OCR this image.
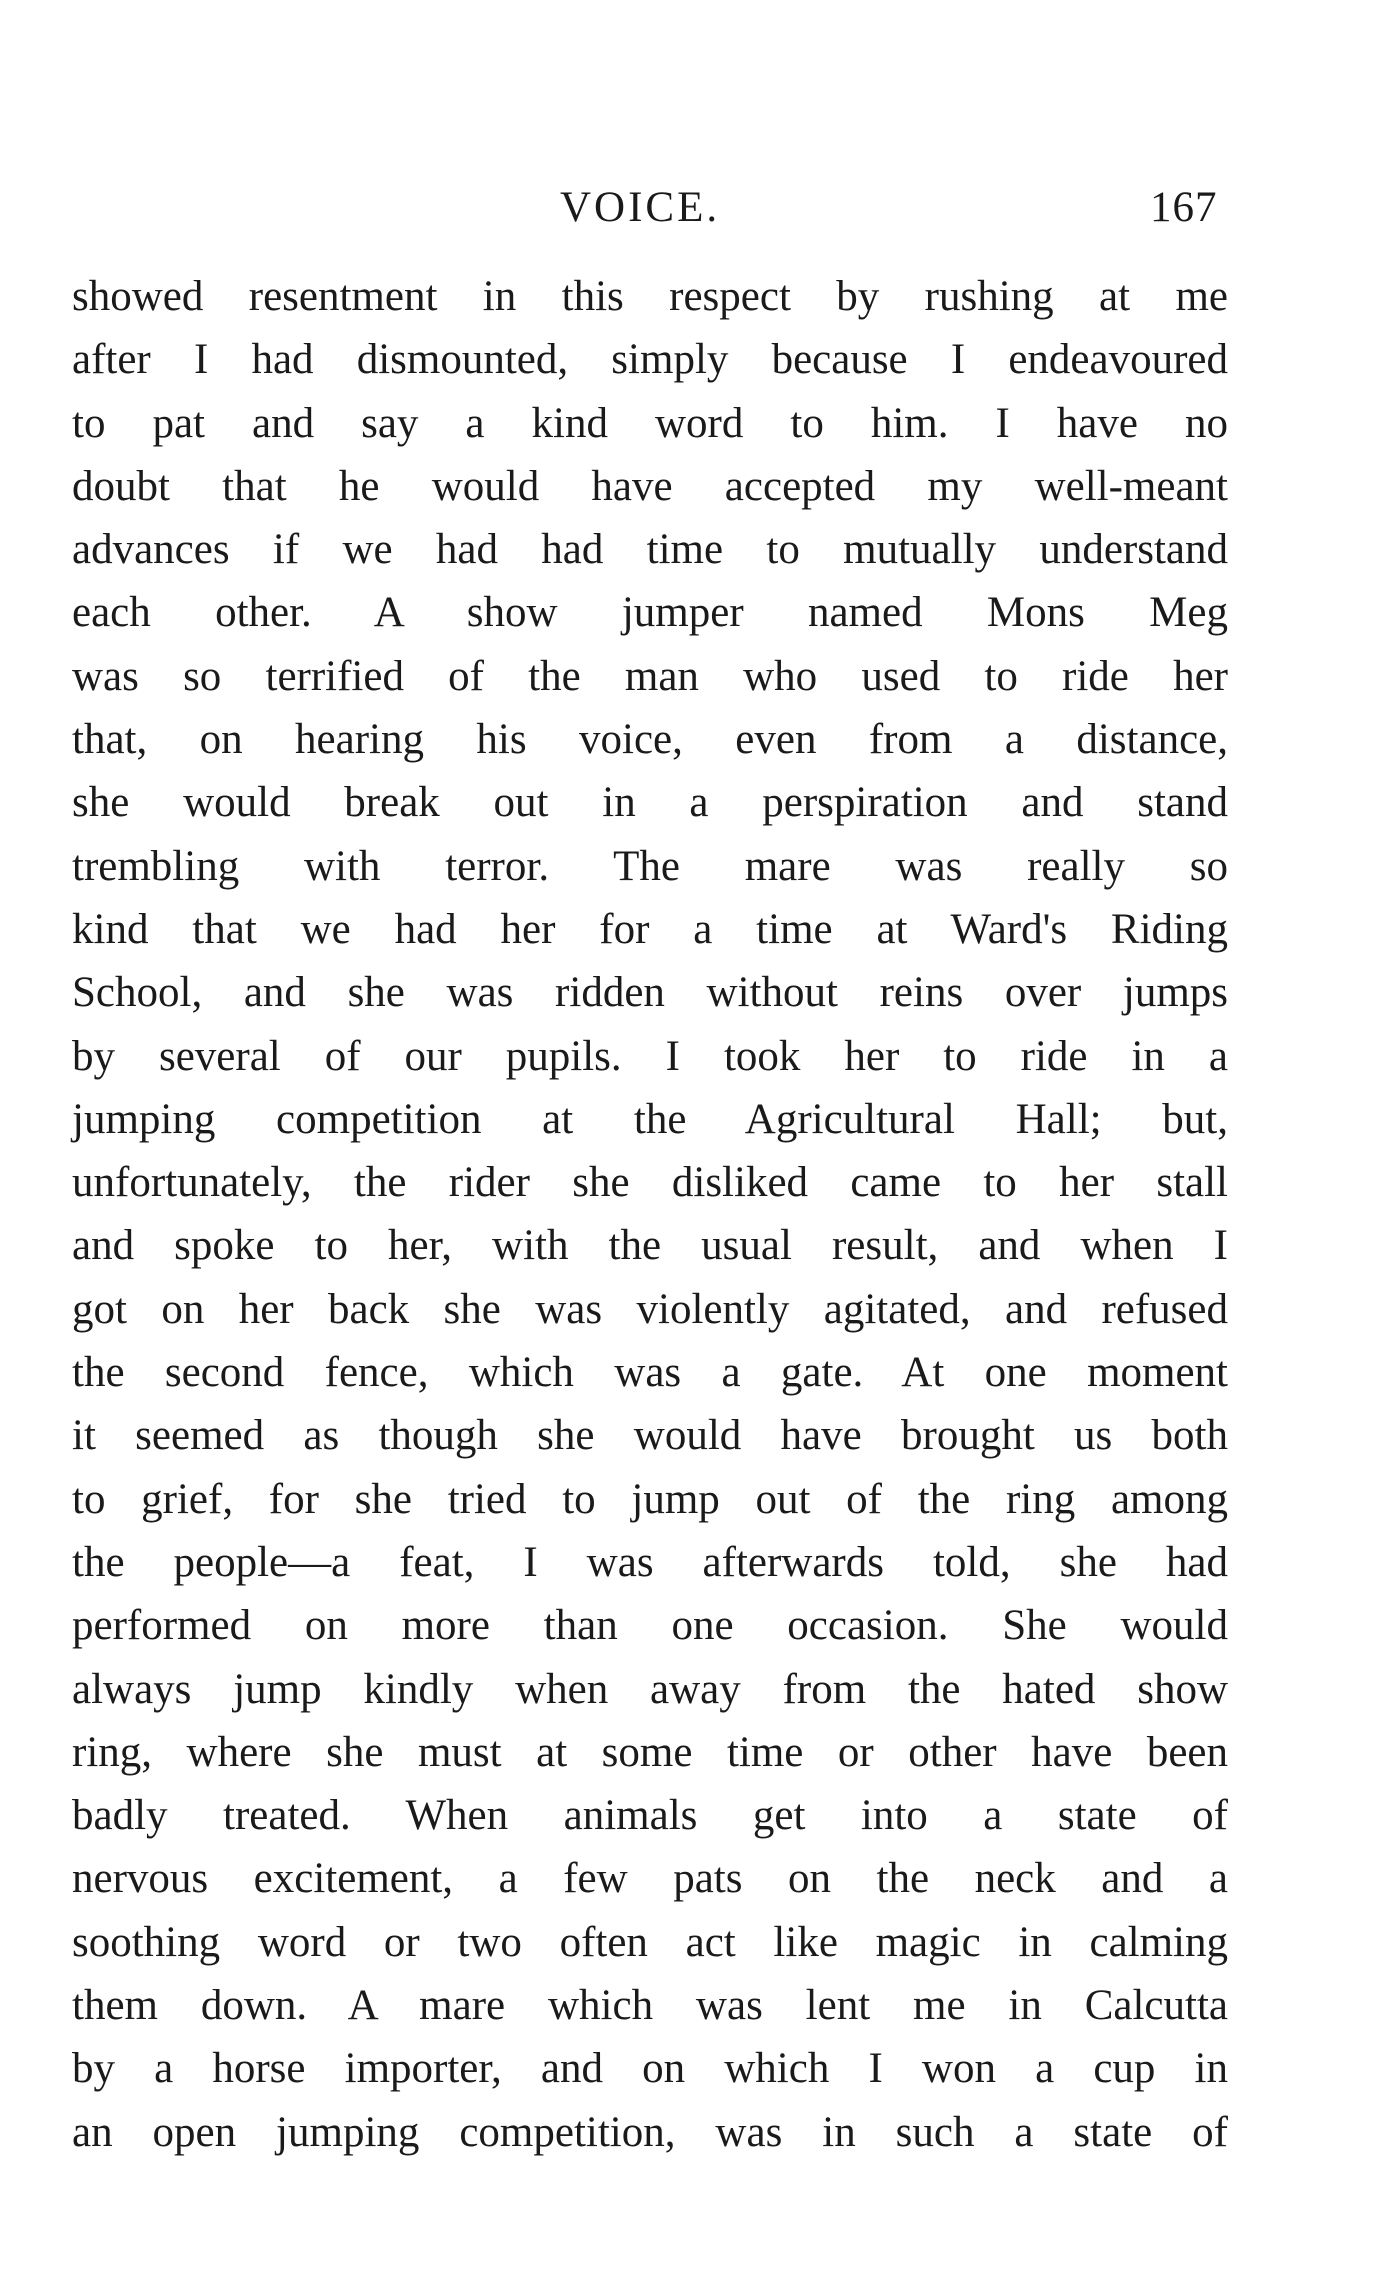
VOICE.	167
showed resentment in this respect by rushing at me
after I had dismounted, simply because I endeavoured
to pat and say a kind word to him. I have no
doubt that he would have accepted my well-meant
advances if we had had time to mutually understand
each other. A show jumper named Mons Meg
was so terrified of the man who used to ride her
that, on hearing his voice, even from a distance,
she would break out in a perspiration and stand
trembling with terror. The mare was really so
kind that we had her for a time at Ward's Riding
School, and she was ridden without reins over jumps
by several of our pupils. I took her to ride in a
jumping competition at the Agricultural Hall; but,
unfortunately, the rider she disliked came to her stall
and spoke to her, with the usual result, and when I
got on her back she was violently agitated, and refused
the second fence, which was a gate. At one moment
it seemed as though she would have brought us both
to grief, for she tried to jump out of the ring among
the people—a feat, I was afterwards told, she had
performed on more than one occasion. She would
always jump kindly when away from the hated show
ring, where she must at some time or other have been
badly treated. When animals get into a state of
nervous excitement, a few pats on the neck and a
soothing word or two often act like magic in calming
them down. A mare which was lent me in Calcutta
by a horse importer, and on which I won a cup in
an open jumping competition, was in such a state of
